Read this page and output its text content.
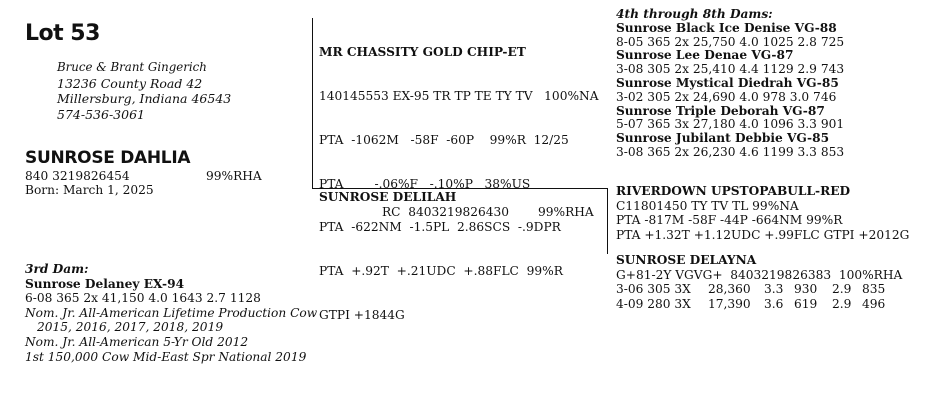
Lot 53
Bruce & Brant Gingerich
13236 County Road 42
Millersburg, Indiana 46543
574-536-3061
SUNROSE DAHLIA
840 3219826454	99%RHA
Born: March 1, 2025
3rd Dam:
Sunrose Delaney EX-94
6-08 365 2x 41,150 4.0 1643 2.7 1128
Nom. Jr. All-American Lifetime Production Cow
2015, 2016, 2017, 2018, 2019
Nom. Jr. All-American 5-Yr Old 2012
1st 150,000 Cow Mid-East Spr National 2019

MR CHASSITY GOLD CHIP-ET

140145553 EX-95 TR TP TE TY TV   100%NA

PTA  -1062M   -58F  -60P    99%R  12/25

PTA        -.06%F   -.10%P   38%US

PTA  -622NM  -1.5PL  2.86SCS  -.9DPR

PTA  +.92T  +.21UDC  +.88FLC  99%R

GTPI +1844G

SUNROSE DELILAH
RC  8403219826430 99%RHA
4th through 8th Dams:
Sunrose Black Ice Denise VG-88
8-05 365 2x 25,750 4.0 1025 2.8 725
Sunrose Lee Denae VG-87
3-08 305 2x 25,410 4.4 1129 2.9 743
Sunrose Mystical Diedrah VG-85
3-02 305 2x 24,690 4.0 978 3.0 746
Sunrose Triple Deborah VG-87
5-07 365 3x 27,180 4.0 1096 3.3 901
Sunrose Jubilant Debbie VG-85
3-08 365 2x 26,230 4.6 1199 3.3 853
RIVERDOWN UPSTOPABULL-RED
C11801450 TY TV TL 99%NA
PTA -817M -58F -44P -664NM 99%R
PTA +1.32T +1.12UDC +.99FLC GTPI +2012G
SUNROSE DELAYNA
G+81-2Y VGVG+  8403219826383  100%RHA
3-06 305 3X 28,360 3.3 930 2.9 835
4-09 280 3X 17,390 3.6 619 2.9 496
